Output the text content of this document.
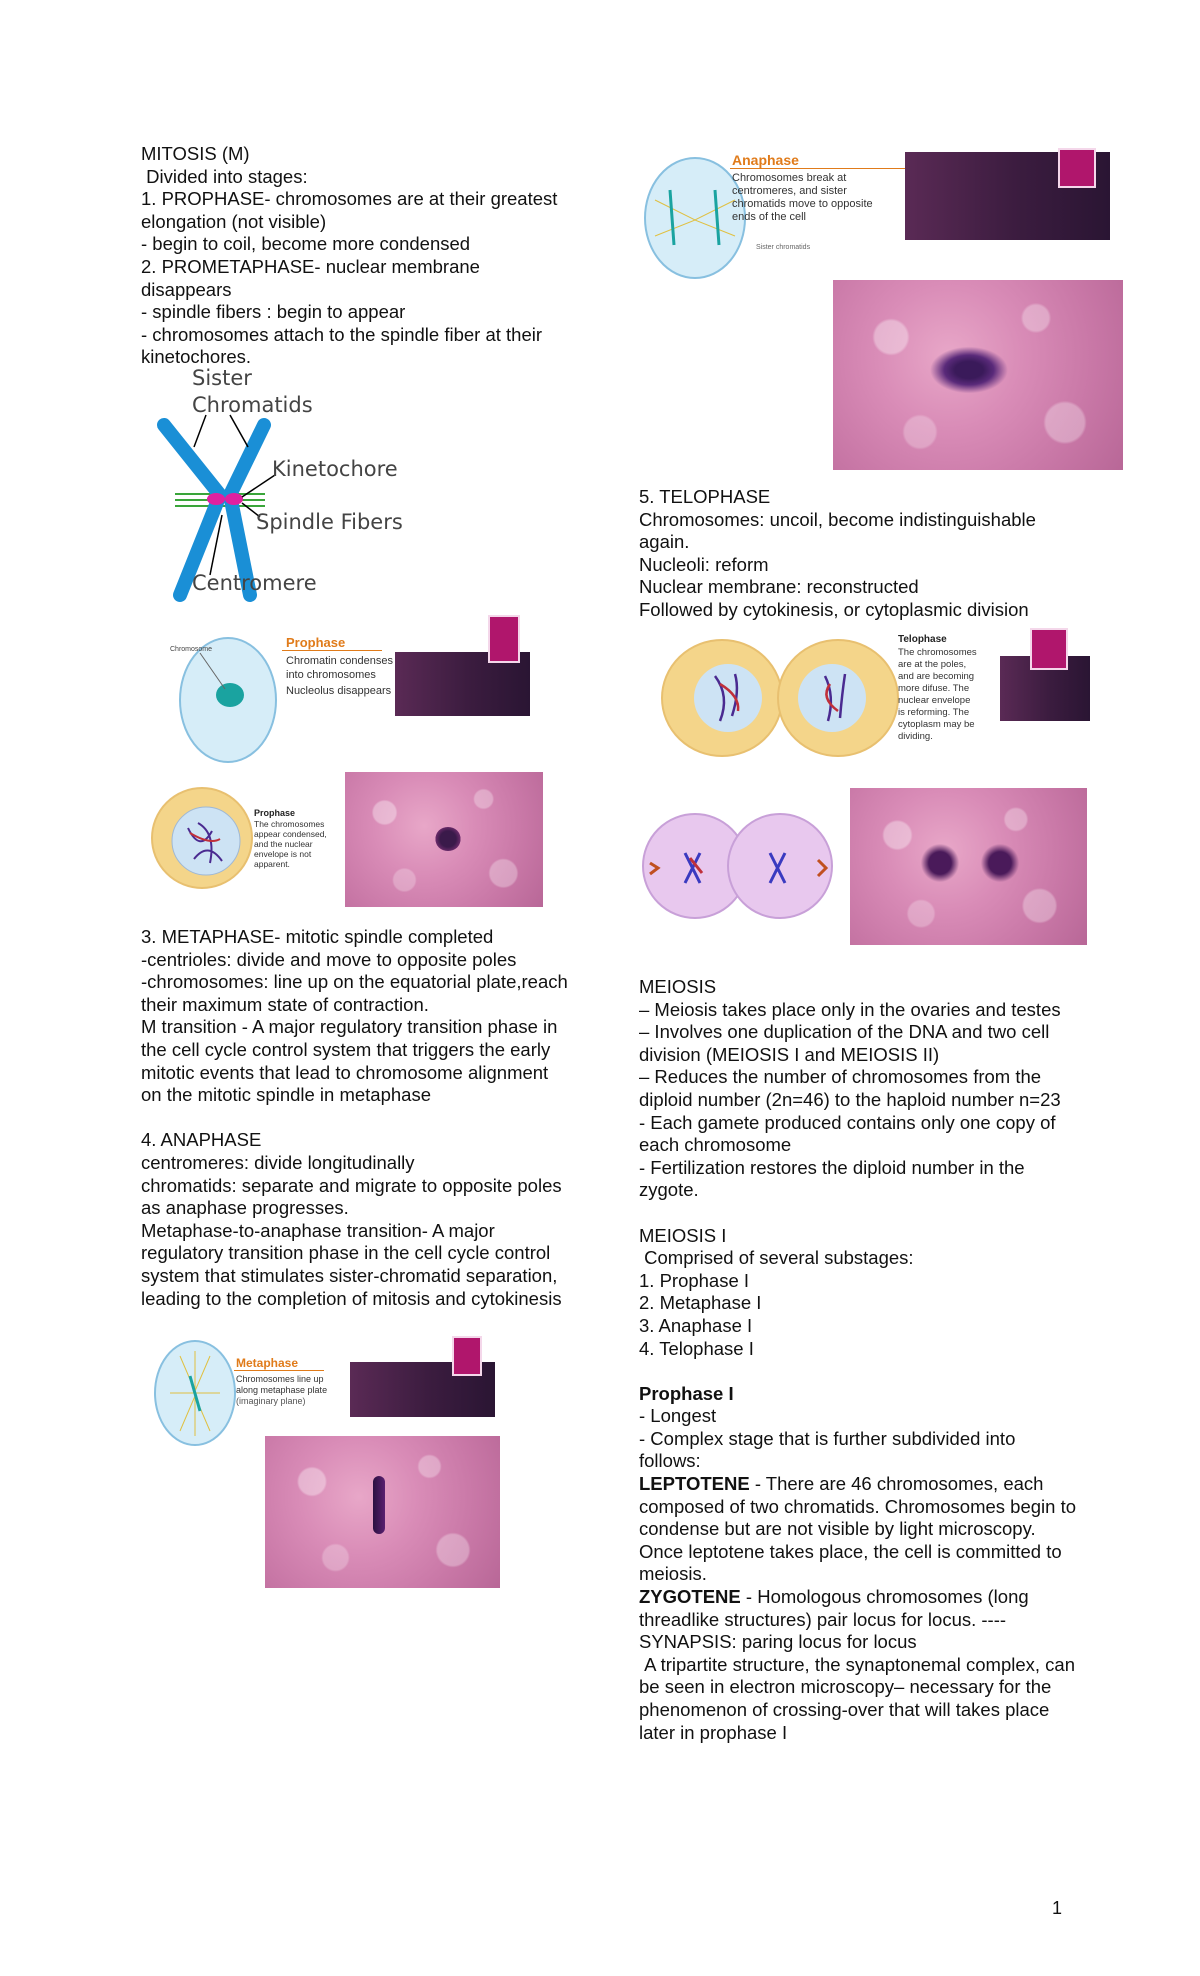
MITOSIS (M)

Divided into stages:

1. PROPHASE- chromosomes are at their greatest elongation (not visible)

- begin to coil, become more condensed

2. PROMETAPHASE- nuclear membrane disappears

- spindle fibers : begin to appear

- chromosomes attach to the spindle fiber at their kinetochores.

Sister
Chromatids
Kinetochore
Spindle Fibers
Centromere
Chromosome	Prophase
Chromatin condenses
into chromosomes
Nucleolus disappears
Prophase
The chromosomes
appear condensed,
and the nuclear
envelope is not
apparent.

3. METAPHASE- mitotic spindle completed

-centrioles: divide and move to opposite poles

-chromosomes: line up on the equatorial plate,reach their maximum state of contraction.

M transition - A major regulatory transition phase in the cell cycle control system that triggers the early mitotic events that lead to chromosome alignment on the mitotic spindle in metaphase

4. ANAPHASE

centromeres: divide longitudinally

chromatids: separate and migrate to opposite poles as anaphase progresses.

Metaphase-to-anaphase transition- A major regulatory transition phase in the cell cycle control system that stimulates sister-chromatid separation, leading to the completion of mitosis and cytokinesis

Metaphase
Chromosomes line up
along metaphase plate
(imaginary plane)
Anaphase
Chromosomes break at
centromeres, and sister
chromatids move to opposite
ends of the cell
Sister chromatids

5. TELOPHASE

Chromosomes: uncoil, become indistinguishable again.

Nucleoli: reform

Nuclear membrane: reconstructed

Followed by cytokinesis, or cytoplasmic division

Telophase
The chromosomes
are at the poles,
and are becoming
more difuse. The
nuclear envelope
is reforming. The
cytoplasm may be
dividing.

MEIOSIS

– Meiosis takes place only in the ovaries and testes

– Involves one duplication of the DNA and two cell division (MEIOSIS I and MEIOSIS II)

– Reduces the number of chromosomes from the diploid number (2n=46) to the haploid number n=23

- Each gamete produced contains only one copy of each chromosome

- Fertilization restores the diploid number in the zygote.

MEIOSIS I

Comprised of several substages:

1. Prophase I

2. Metaphase I

3. Anaphase I

4. Telophase I

Prophase I

- Longest

- Complex stage that is further subdivided into follows:

LEPTOTENE - There are 46 chromosomes, each composed of two chromatids. Chromosomes begin to condense but are not visible by light microscopy.  Once leptotene takes place, the cell is committed to meiosis.

ZYGOTENE - Homologous chromosomes (long threadlike structures) pair locus for locus. ----SYNAPSIS: paring locus for locus

A tripartite structure, the synaptonemal complex, can be seen in electron microscopy– necessary for the phenomenon of crossing-over that will takes place later in prophase I

1
